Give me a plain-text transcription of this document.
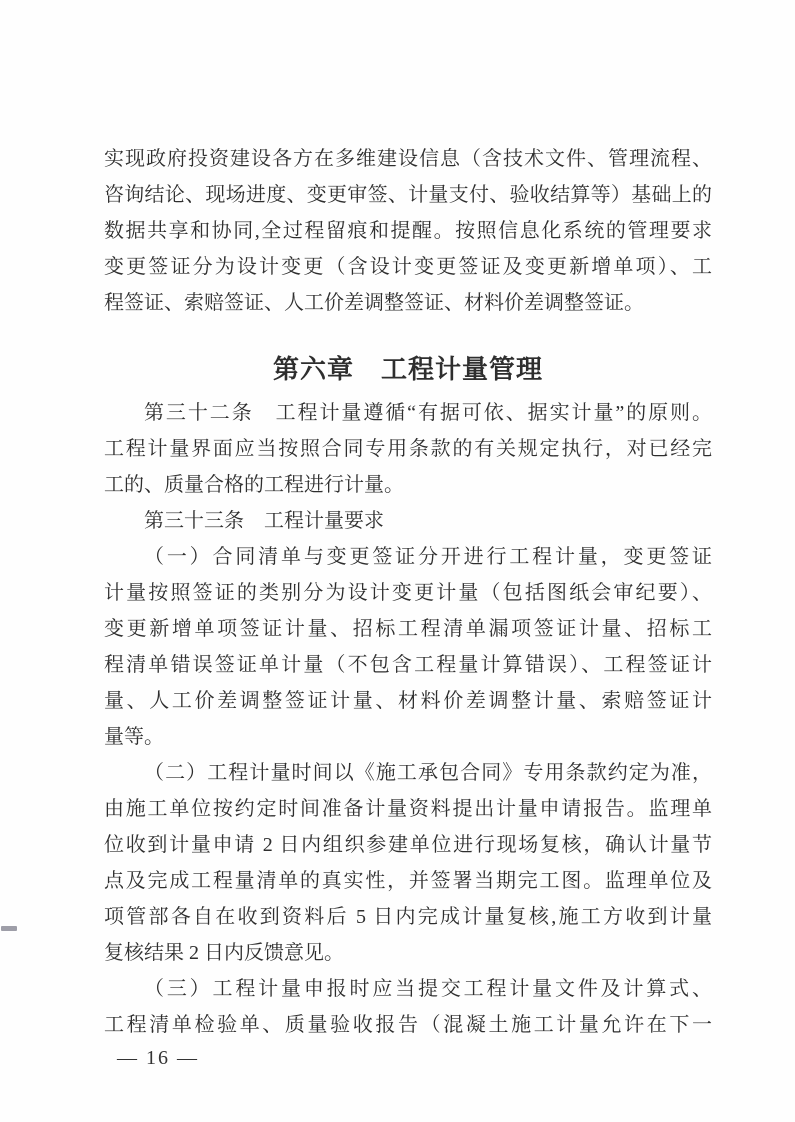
实现政府投资建设各方在多维建设信息（含技术文件、管理流程、
咨询结论、现场进度、变更审签、计量支付、验收结算等）基础上的
数据共享和协同,全过程留痕和提醒。按照信息化系统的管理要求
变更签证分为设计变更（含设计变更签证及变更新增单项）、工
程签证、索赔签证、人工价差调整签证、材料价差调整签证。
第六章　工程计量管理
第三十二条　工程计量遵循“有据可依、据实计量”的原则。
工程计量界面应当按照合同专用条款的有关规定执行，对已经完
工的、质量合格的工程进行计量。
第三十三条　工程计量要求
（一）合同清单与变更签证分开进行工程计量，变更签证
计量按照签证的类别分为设计变更计量（包括图纸会审纪要）、
变更新增单项签证计量、招标工程清单漏项签证计量、招标工
程清单错误签证单计量（不包含工程量计算错误）、工程签证计
量、人工价差调整签证计量、材料价差调整计量、索赔签证计
量等。
（二）工程计量时间以《施工承包合同》专用条款约定为准，
由施工单位按约定时间准备计量资料提出计量申请报告。监理单
位收到计量申请 2 日内组织参建单位进行现场复核，确认计量节
点及完成工程量清单的真实性，并签署当期完工图。监理单位及
项管部各自在收到资料后 5 日内完成计量复核,施工方收到计量
复核结果 2 日内反馈意见。
（三）工程计量申报时应当提交工程计量文件及计算式、
工程清单检验单、质量验收报告（混凝土施工计量允许在下一
— 16 —
